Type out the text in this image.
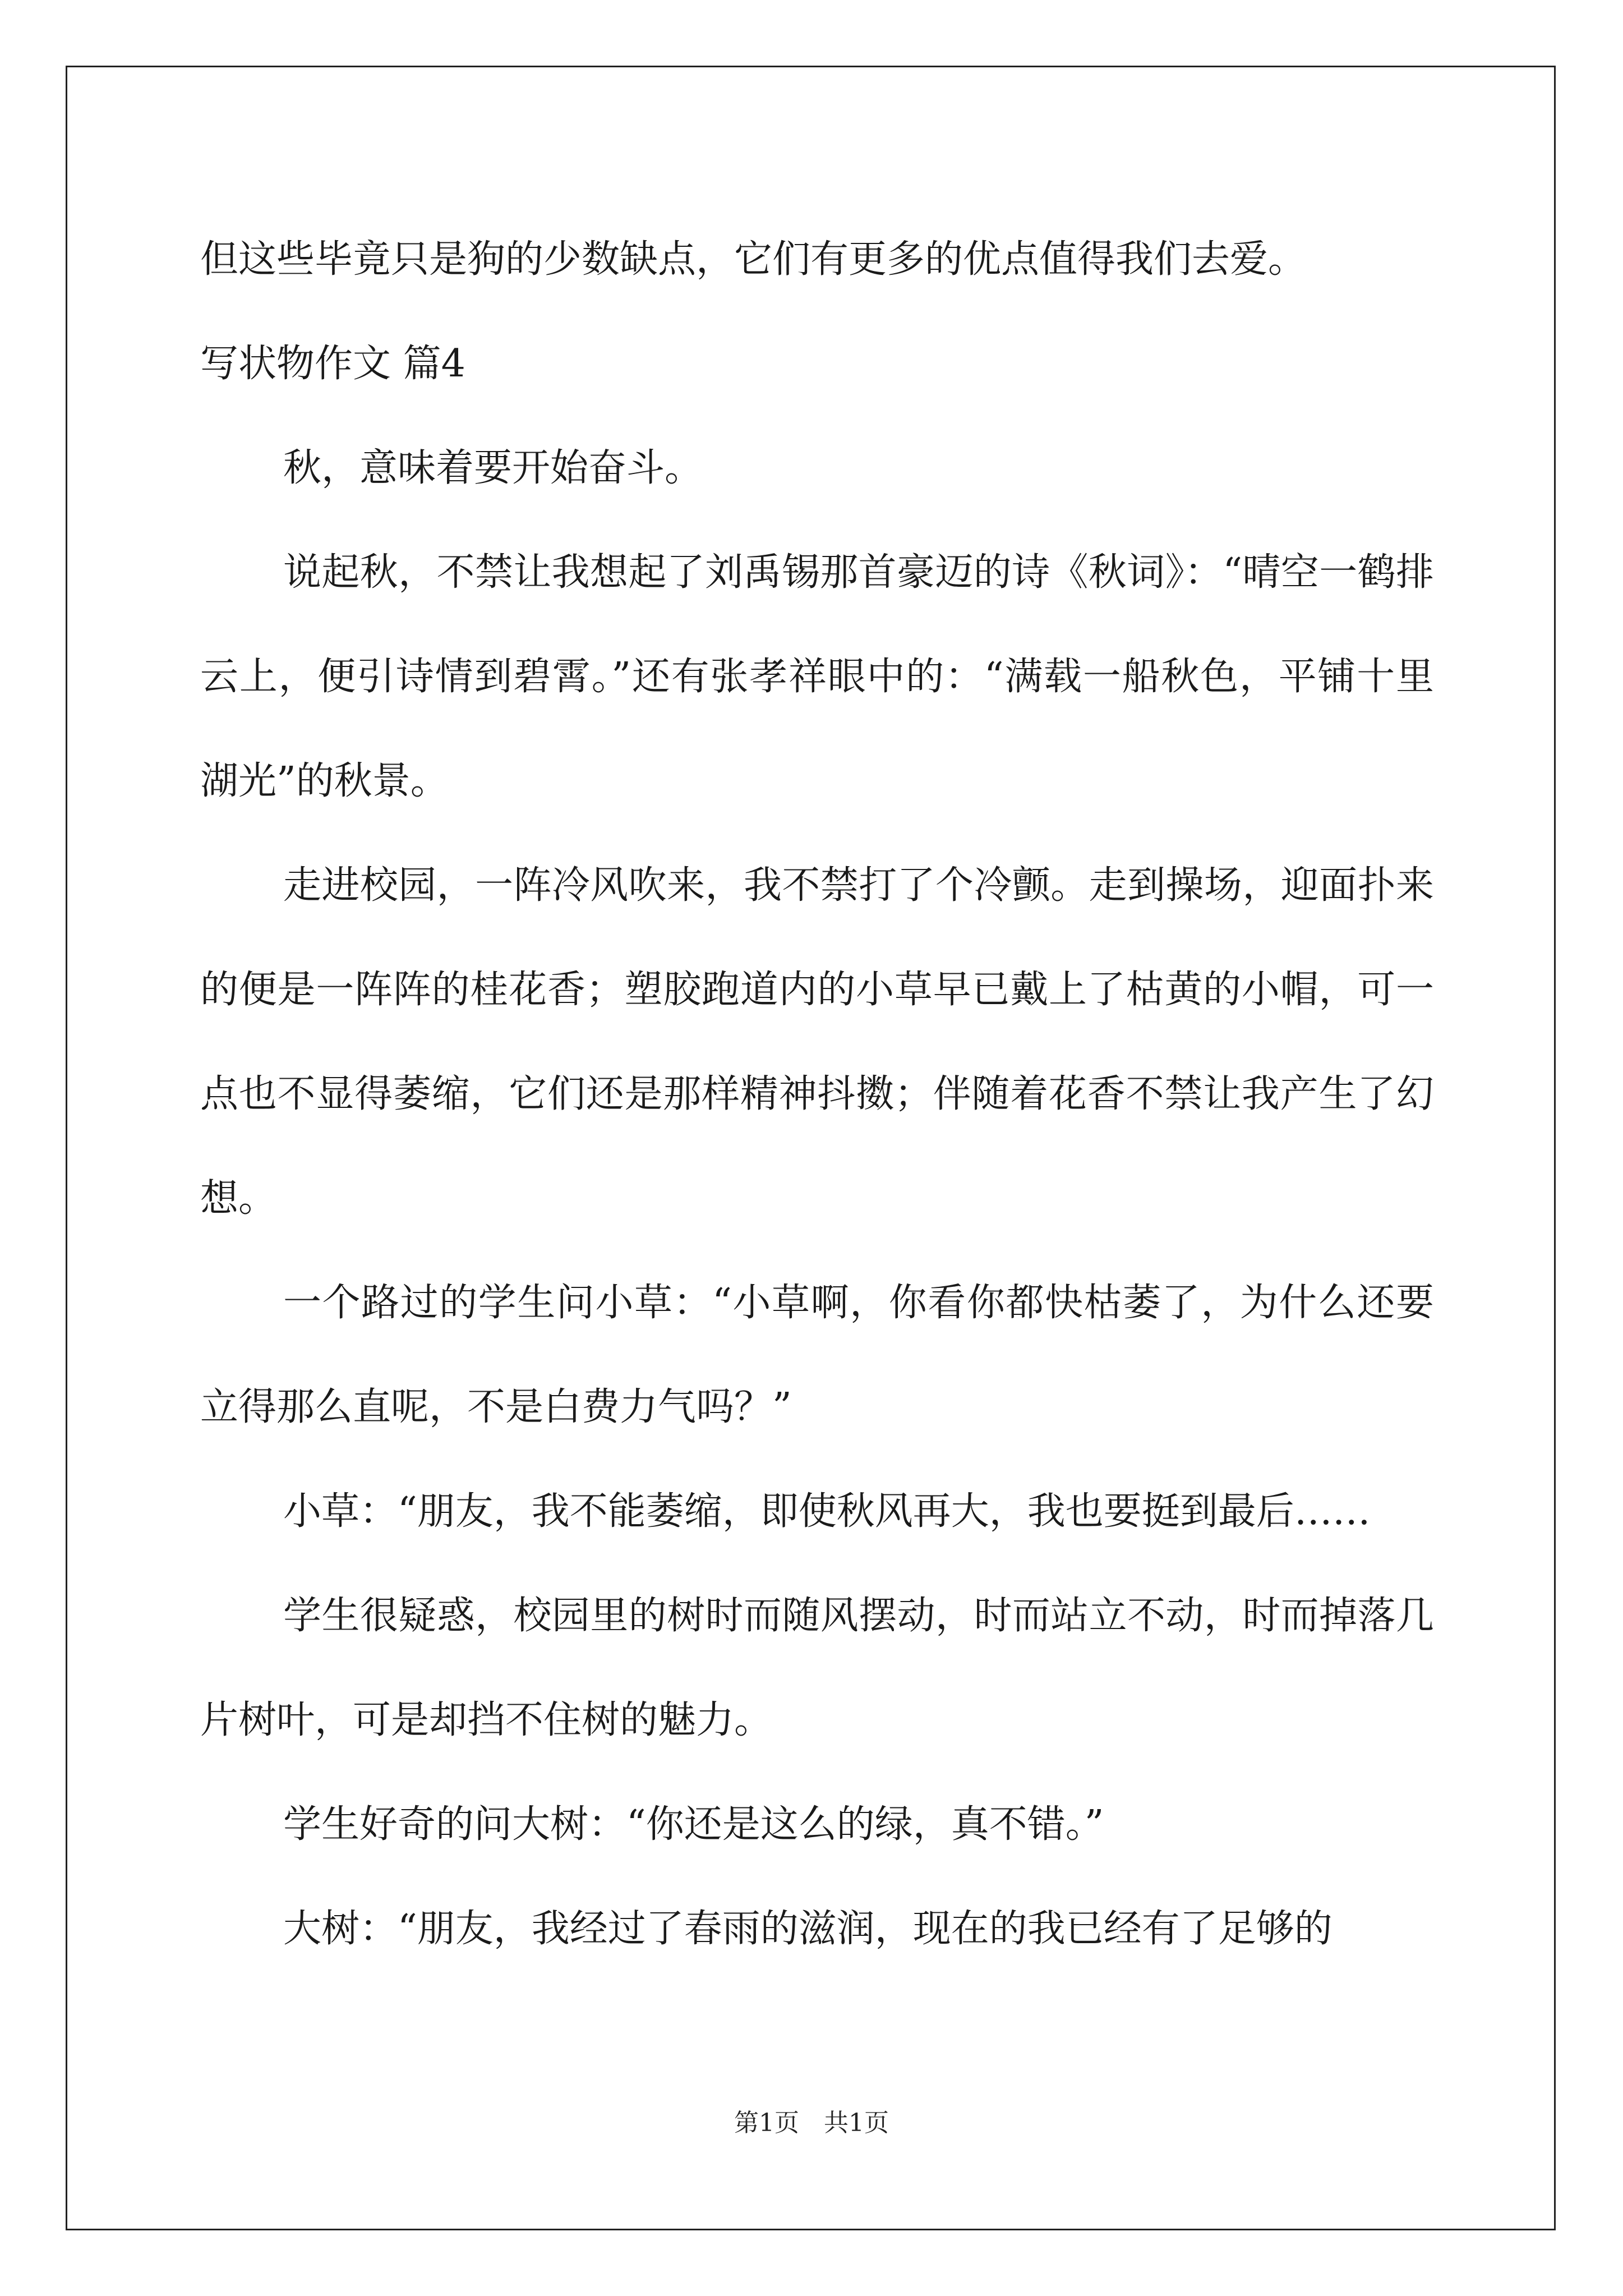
但这些毕竟只是狗的少数缺点，它们有更多的优点值得我们去爱。

写状物作文 篇4

秋，意味着要开始奋斗。

说起秋，不禁让我想起了刘禹锡那首豪迈的诗《秋词》：“晴空一鹤排云上，便引诗情到碧霄。”还有张孝祥眼中的：“满载一船秋色，平铺十里湖光”的秋景。

走进校园，一阵冷风吹来，我不禁打了个冷颤。走到操场，迎面扑来的便是一阵阵的桂花香；塑胶跑道内的小草早已戴上了枯黄的小帽，可一点也不显得萎缩，它们还是那样精神抖擞；伴随着花香不禁让我产生了幻想。

一个路过的学生问小草：“小草啊，你看你都快枯萎了，为什么还要立得那么直呢，不是白费力气吗？”

小草：“朋友，我不能萎缩，即使秋风再大，我也要挺到最后……

学生很疑惑，校园里的树时而随风摆动，时而站立不动，时而掉落几片树叶，可是却挡不住树的魅力。

学生好奇的问大树：“你还是这么的绿，真不错。”

大树：“朋友，我经过了春雨的滋润，现在的我已经有了足够的

第1页　共1页
